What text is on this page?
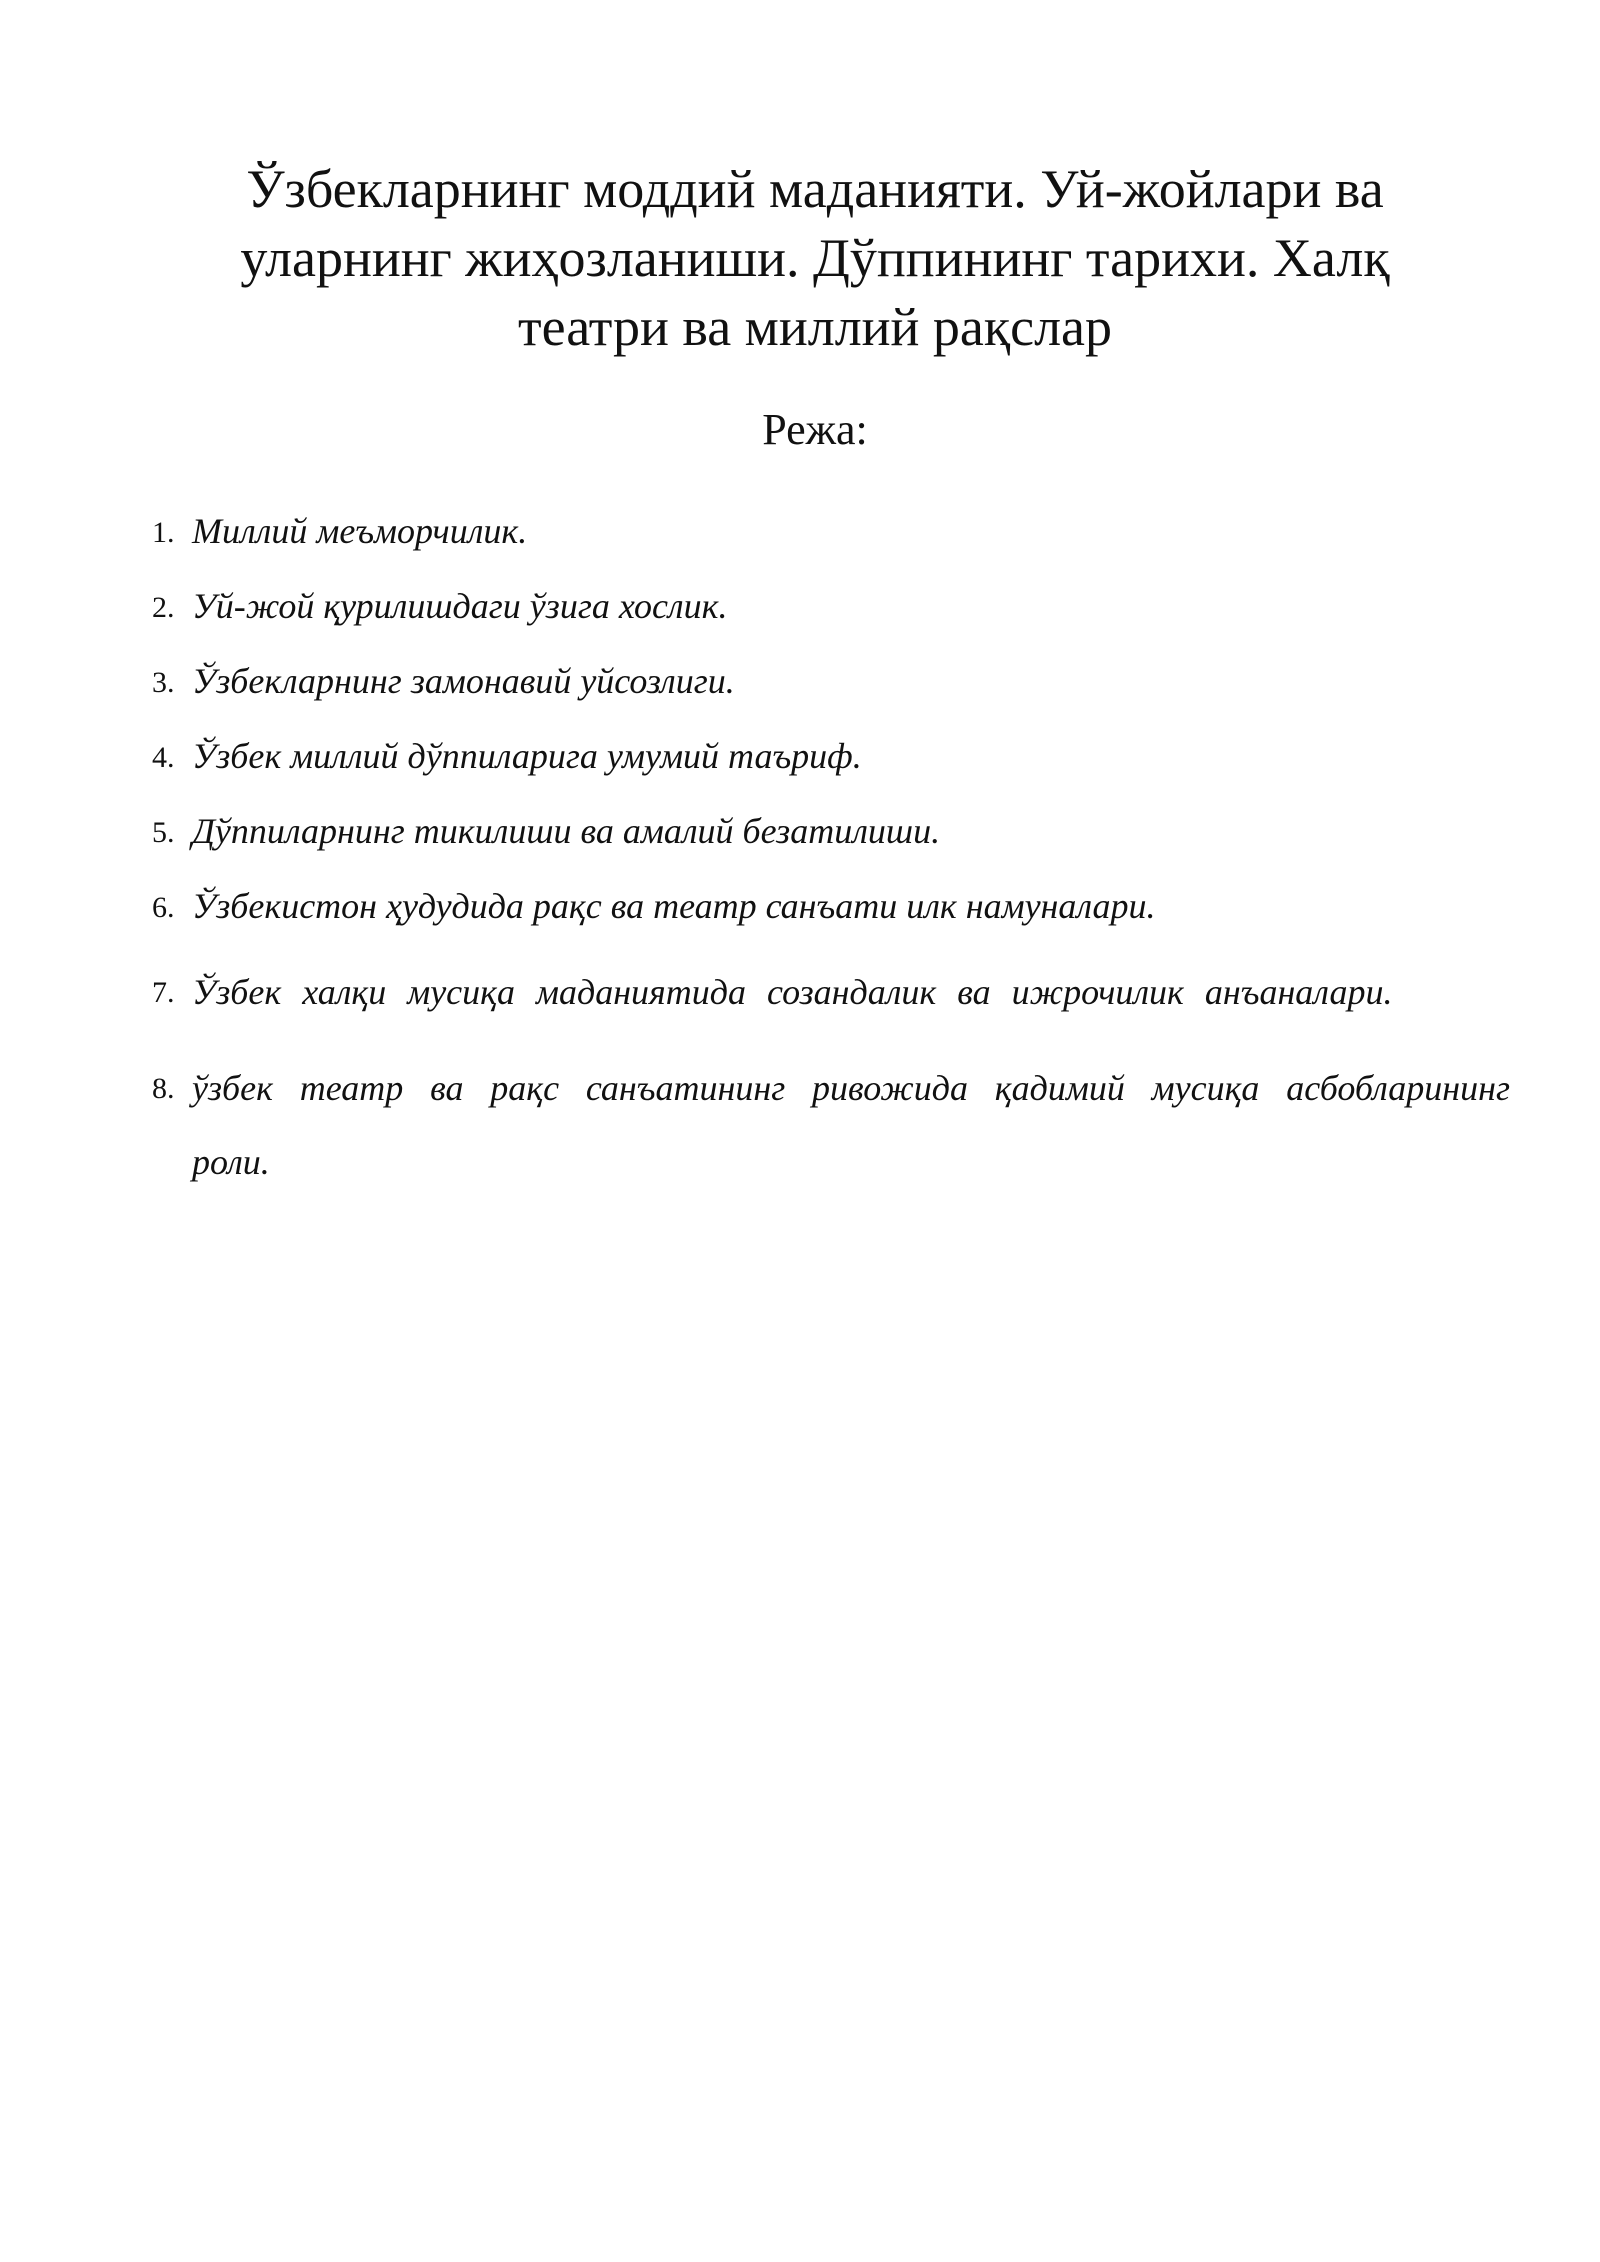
Ўзбекларнинг моддий маданияти. Уй-жойлари ва
уларнинг жиҳозланиши. Дўппининг тарихи. Халқ
театри ва миллий рақслар
Режа:
1. Миллий меъморчилик.
2. Уй-жой қурилишдаги ўзига хослик.
3. Ўзбекларнинг замонавий уйсозлиги.
4. Ўзбек миллий дўппиларига умумий таъриф.
5. Дўппиларнинг тикилиши ва амалий безатилиши.
6. Ўзбекистон ҳудудида рақс ва театр санъати илк намуналари.
7. Ўзбек халқи мусиқа маданиятида созандалик ва ижрочилик анъаналари.
8. ўзбек театр ва рақс санъатининг ривожида қадимий мусиқа асбобларининг роли.
